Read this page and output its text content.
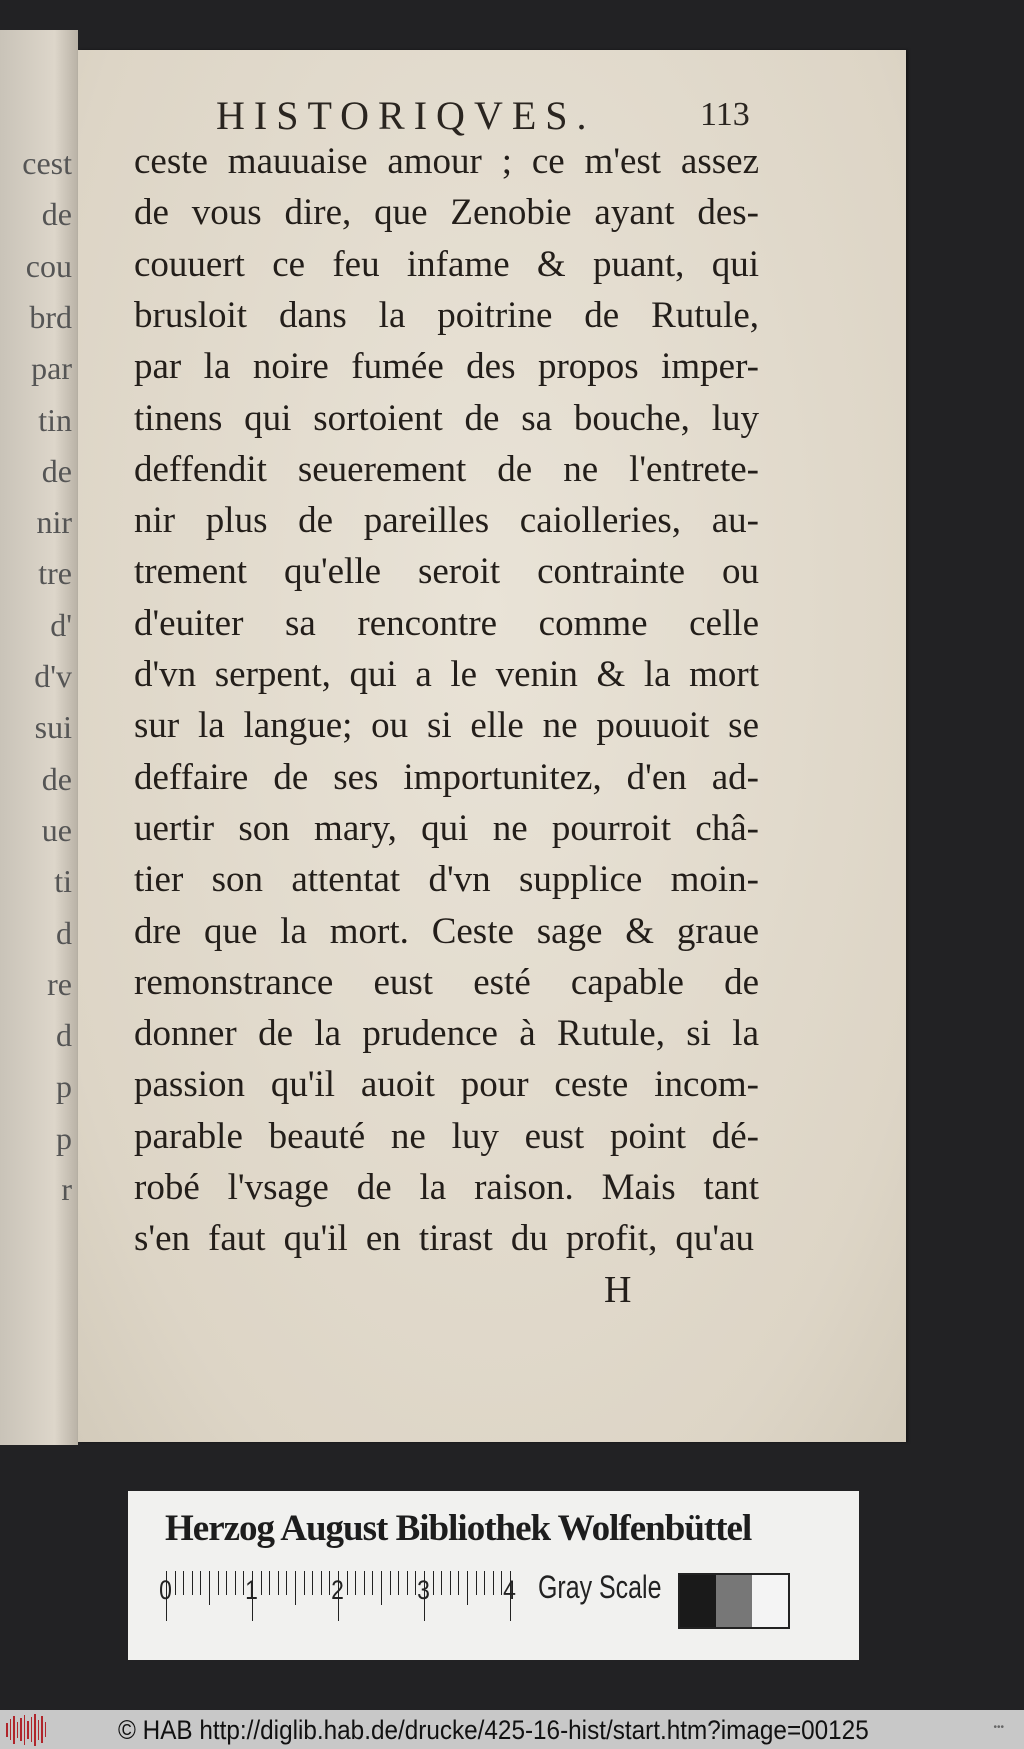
cest
de
cou
brd
par
tin
de
nir
tre
d'
d'v
sui
de
ue
ti
d
re
d
p
p
r
HISTORIQVES.	113
H
ceste mauuaise amour ; ce m'est assez
de vous dire, que Zenobie ayant des-
couuert ce feu infame & puant, qui
brusloit dans la poitrine de Rutule,
par la noire fumée des propos imper-
tinens qui sortoient de sa bouche, luy
deffendit seuerement de ne l'entrete-
nir plus de pareilles caiolleries, au-
trement qu'elle seroit contrainte ou
d'euiter sa rencontre comme celle
d'vn serpent, qui a le venin & la mort
sur la langue; ou si elle ne pouuoit se
deffaire de ses importunitez, d'en ad-
uertir son mary, qui ne pourroit châ-
tier son attentat d'vn supplice moin-
dre que la mort. Ceste sage & graue
remonstrance eust esté capable de
donner de la prudence à Rutule, si la
passion qu'il auoit pour ceste incom-
parable beauté ne luy eust point dé-
robé l'vsage de la raison. Mais tant
s'en faut qu'il en tirast du profit, qu'au
Herzog August Bibliothek Wolfenbüttel
Gray Scale
0	1	2	3	4
© HAB http://diglib.hab.de/drucke/425-16-hist/start.htm?image=00125	•••
